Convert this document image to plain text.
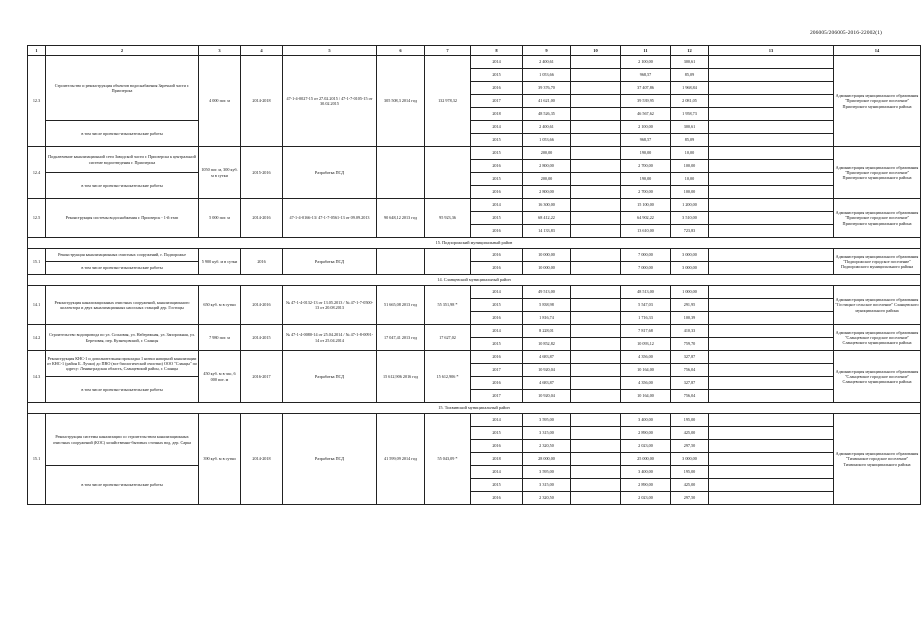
206005/206005-2016-22002(1)
1	2	3	4	5	6	7	8	9	10	11	12	13	14	
12.3	Строительство и реконструкция объектов водоснабжения Заречной части г. Приозерска	4 000 пог. м	2014-2018	47-1-4-0027-15 от 27.02.2015 / 47-1-7-0105-15 от 30.02.2015	305 508,3 2014 год	132 978,32	2014	2 400,61		2 100,00	300,61		Администрация муниципального образования "Приозерское городское поселение" Приозерского муниципального района	
							2015	1 053,66		968,57	85,09			
							2016	39 376,70		37 407,86	1 968,84			
							2017	41 621,00		39 539,95	2 081,05			
							2018	48 526,35		46 567,62	1 958,73			
	в том числе проектно-изыскательские работы						2014	2 400,61		2 100,00	300,61			
							2015	1 053,66		968,57	85,09			
12.4	Подключение канализационной сети Заводской части г. Приозерска к центральной системе водоотведения г. Приозерска	1050 пог. м, 300 куб. м в сутки	2015-2016	Разработка ПСД			2015	200,00		190,00	10,00		Администрация муниципального образования "Приозерское городское поселение" Приозерского муниципального района	
							2016	2 800,00		2 700,00	100,00			
	в том числе проектно-изыскательские работы						2015	200,00		190,00	10,00			
							2016	2 800,00		2 700,00	100,00			
12.5	Реконструкция системы водоснабжения г. Приозерск - 1-й этап	5 000 пог. м	2014-2016	47-1-4-0166-13/ 47-1-7-0561-13 от 09.09.2013	90 648,12 2013 год	95 923,36	2014	16 300,00		15 100,00	1 200,00		Администрация муниципального образования "Приозерское городское поселение" Приозерского муниципального района	
							2015	68 412,22		64 902,22	3 510,00			
							2016	14 133,83		13 610,00	723,83			
15. Подпорожский муниципальный район														
15.1	Реконструкция канализационных очистных сооружений, г. Подпорожье	5 900 куб. м в сутки	2016	Разработка ПСД			2016	10 000,00		7 000,00	3 000,00		Администрация муниципального образования "Подпорожское городское поселение" Подпорожского муниципального района	
	в том числе проектно-изыскательские работы						2016	10 000,00		7 000,00	3 000,00			
14. Сланцевский муниципальный район														
14.1	Реконструкция канализационных очистных сооружений, канализационного коллектора и двух канализационных насосных станций дер. Гостицы	650 куб. м в сутки	2014-2016	№ 47-1-4-0132-13 от 13.05.2013 / № 47-1-7-0500-13 от 20.08.2013	51 665,08 2013 год	55 351,98 *	2014	49 513,00		48 513,00	1 000,00		Администрация муниципального образования "Гостицкое сельское поселение" Сланцевского муниципального района	
							2015	5 838,98		5 547,03	291,95			
							2016	1 816,74		1 716,33	100,39			
14.2	Строительство водопровода по ул. Сосновая, ул. Набережная, ул. Запорожная, ул. Березовая, пер. Кузнецовский, г. Сланцы	7 980 пог. м	2014-2015	№ 47-1-4-0080-14 от 25.04.2014 / № 47-1-8-0091-14 от 25.04.2014	17 047,41 2013 год	17 627,02	2014	8 228,01		7 817,68	410,33		Администрация муниципального образования "Сланцевское городское поселение" Сланцевского муниципального района	
							2015	10 852,82		10 093,12	759,70			
14.3	Реконструкция КНС-1 и дополнительная прокладка 1 нитки напорной канализации от КНС-1 (район Б. Лучки) до ПВО (все биологической очистки) ООО "Сланцы" по адресу: Ленинградская область, Сланцевский район, г. Сланцы	450 куб. м в час, 6 000 пог. м	2016-2017	Разработка ПСД	15 612,906 2016 год	15 612,906 *	2016	4 683,87		4 356,00	327,87		Администрация муниципального образования "Сланцевское городское поселение" Сланцевского муниципального района	
							2017	10 920,04		10 164,00	756,04			
	в том числе проектно-изыскательские работы						2016	4 683,87		4 356,00	327,87			
							2017	10 920,04		10 164,00	756,04			
15. Тихвинский муниципальный район														
15.1	Реконструкция системы канализации со строительством канализационных очистных сооружений (КОС) хозяйственно-бытовых сточных вод, дер. Сарка	390 куб. м в сутки	2014-2018	Разработка ПСД	41 599,09 2014 год	55 043,09 *	2014	3 595,00		3 400,00	195,00		Администрация муниципального образования "Тихвинское городское поселение" Тихвинского муниципального района	
							2015	3 315,00		2 890,00	425,00			
							2016	2 320,50		2 023,00	297,50			
							2018	28 000,00		25 000,00	3 000,00			
	в том числе проектно-изыскательские работы						2014	3 595,00		3 400,00	195,00			
							2015	3 315,00		2 890,00	425,00			
							2016	2 320,50		2 023,00	297,50			
